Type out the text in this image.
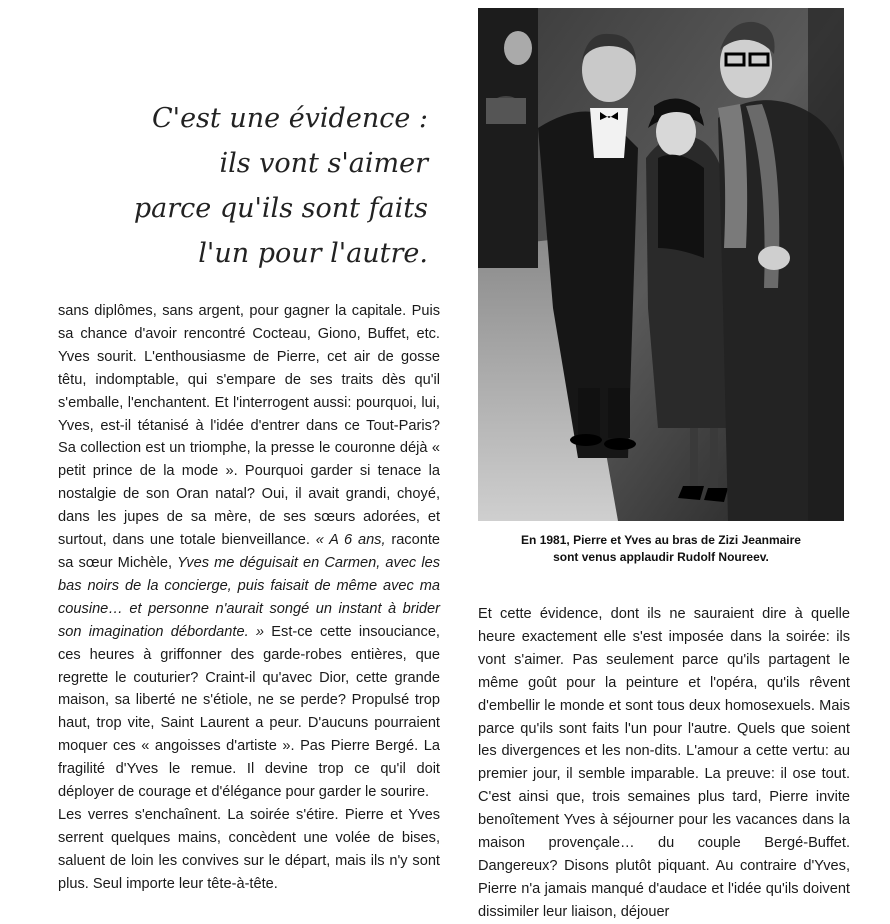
C'est une évidence :
ils vont s'aimer
parce qu'ils sont faits
l'un pour l'autre.

sans diplômes, sans argent, pour gagner la capitale. Puis sa chance d'avoir rencontré Cocteau, Giono, Buffet, etc. Yves sourit. L'enthousiasme de Pierre, cet air de gosse têtu, indomptable, qui s'empare de ses traits dès qu'il s'emballe, l'enchantent. Et l'interrogent aussi: pourquoi, lui, Yves, est-il tétanisé à l'idée d'entrer dans ce Tout-Paris? Sa collection est un triomphe, la presse le couronne déjà « petit prince de la mode ». Pourquoi garder si tenace la nostalgie de son Oran natal? Oui, il avait grandi, choyé, dans les jupes de sa mère, de ses sœurs adorées, et surtout, dans une totale bienveillance. « A 6 ans, raconte sa sœur Michèle, Yves me déguisait en Carmen, avec les bas noirs de la concierge, puis faisait de même avec ma cousine… et personne n'aurait songé un instant à brider son imagination débordante. » Est-ce cette insouciance, ces heures à griffonner des garde-robes entières, que regrette le couturier? Craint-il qu'avec Dior, cette grande maison, sa liberté ne s'étiole, ne se perde? Propulsé trop haut, trop vite, Saint Laurent a peur. D'aucuns pourraient moquer ces « angoisses d'artiste ». Pas Pierre Bergé. La fragilité d'Yves le remue. Il devine trop ce qu'il doit déployer de courage et d'élégance pour garder le sourire.

Les verres s'enchaînent. La soirée s'étire. Pierre et Yves serrent quelques mains, concèdent une volée de bises, saluent de loin les convives sur le départ, mais ils n'y sont plus. Seul importe leur tête-à-tête.

En 1981, Pierre et Yves au bras de Zizi Jeanmaire
sont venus applaudir Rudolf Noureev.

Et cette évidence, dont ils ne sauraient dire à quelle heure exactement elle s'est imposée dans la soirée: ils vont s'aimer. Pas seulement parce qu'ils partagent le même goût pour la peinture et l'opéra, qu'ils rêvent d'embellir le monde et sont tous deux homosexuels. Mais parce qu'ils sont faits l'un pour l'autre. Quels que soient les divergences et les non-dits. L'amour a cette vertu: au premier jour, il semble imparable. La preuve: il ose tout. C'est ainsi que, trois semaines plus tard, Pierre invite benoîtement Yves à séjourner pour les vacances dans la maison provençale… du couple Bergé-Buffet. Dangereux? Disons plutôt piquant. Au contraire d'Yves, Pierre n'a jamais manqué d'audace et l'idée qu'ils doivent dissimiler leur liaison, déjouer
